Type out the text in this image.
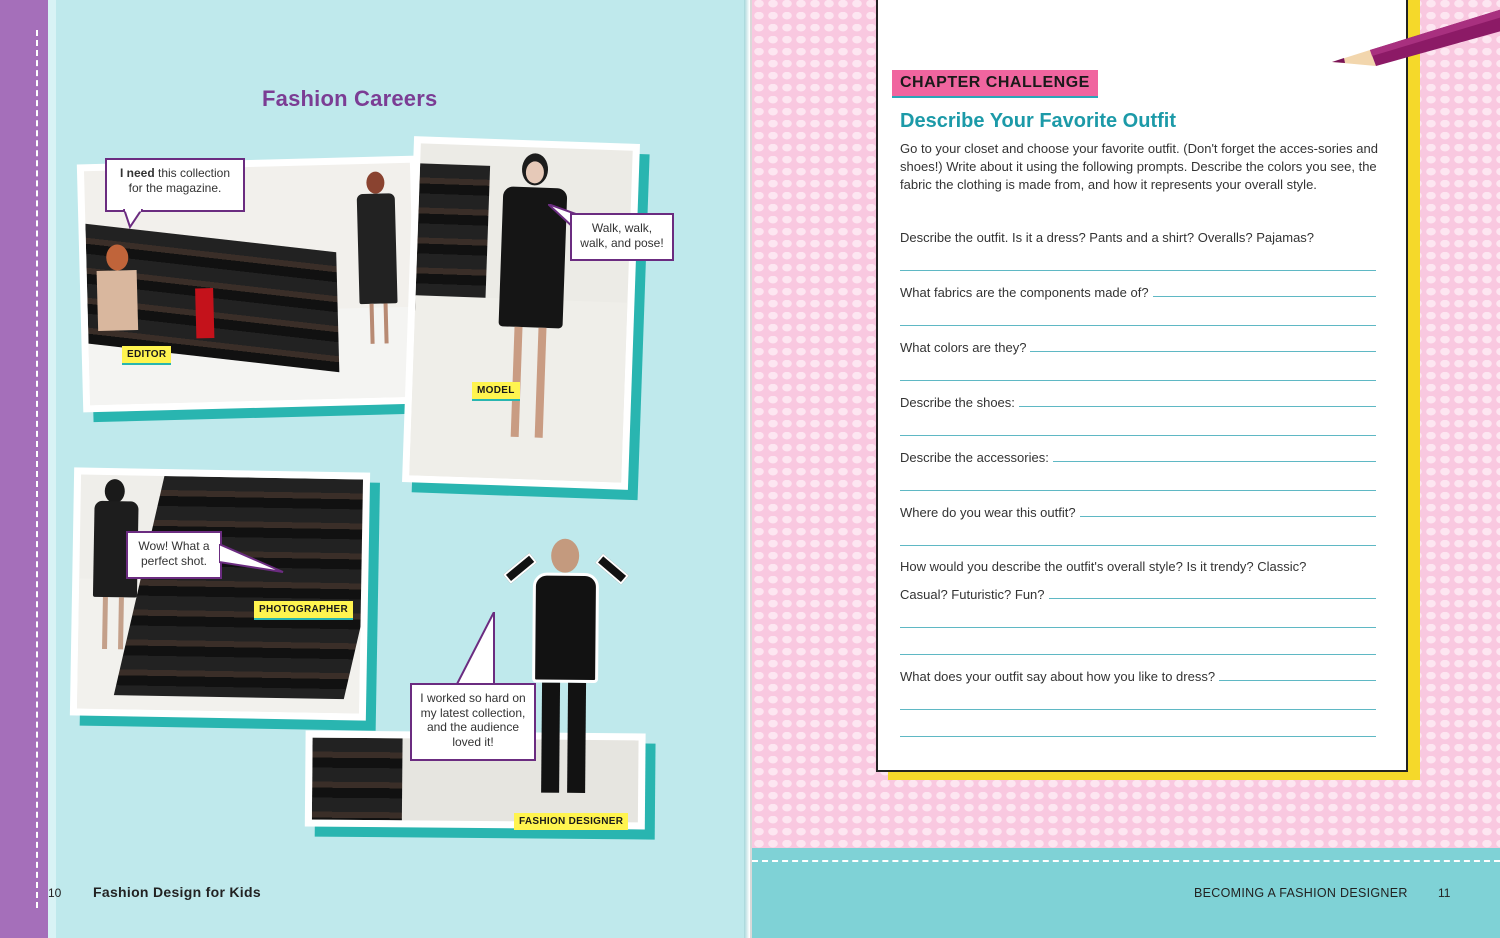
Fashion Careers
EDITOR
I need this collection for the magazine.
MODEL
Walk, walk, walk, and pose!
PHOTOGRAPHER
Wow! What a perfect shot.
FASHION DESIGNER
I worked so hard on my latest collection, and the audience loved it!
10 Fashion Design for Kids
CHAPTER CHALLENGE
Describe Your Favorite Outfit
Go to your closet and choose your favorite outfit. (Don't forget the acces-sories and shoes!) Write about it using the following prompts. Describe the colors you see, the fabric the clothing is made from, and how it represents your overall style.
Describe the outfit. Is it a dress? Pants and a shirt? Overalls? Pajamas?
What fabrics are the components made of?
What colors are they?
Describe the shoes:
Describe the accessories:
Where do you wear this outfit?
How would you describe the outfit's overall style? Is it trendy? Classic?
Casual? Futuristic? Fun?
What does your outfit say about how you like to dress?
BECOMING A FASHION DESIGNER	11
